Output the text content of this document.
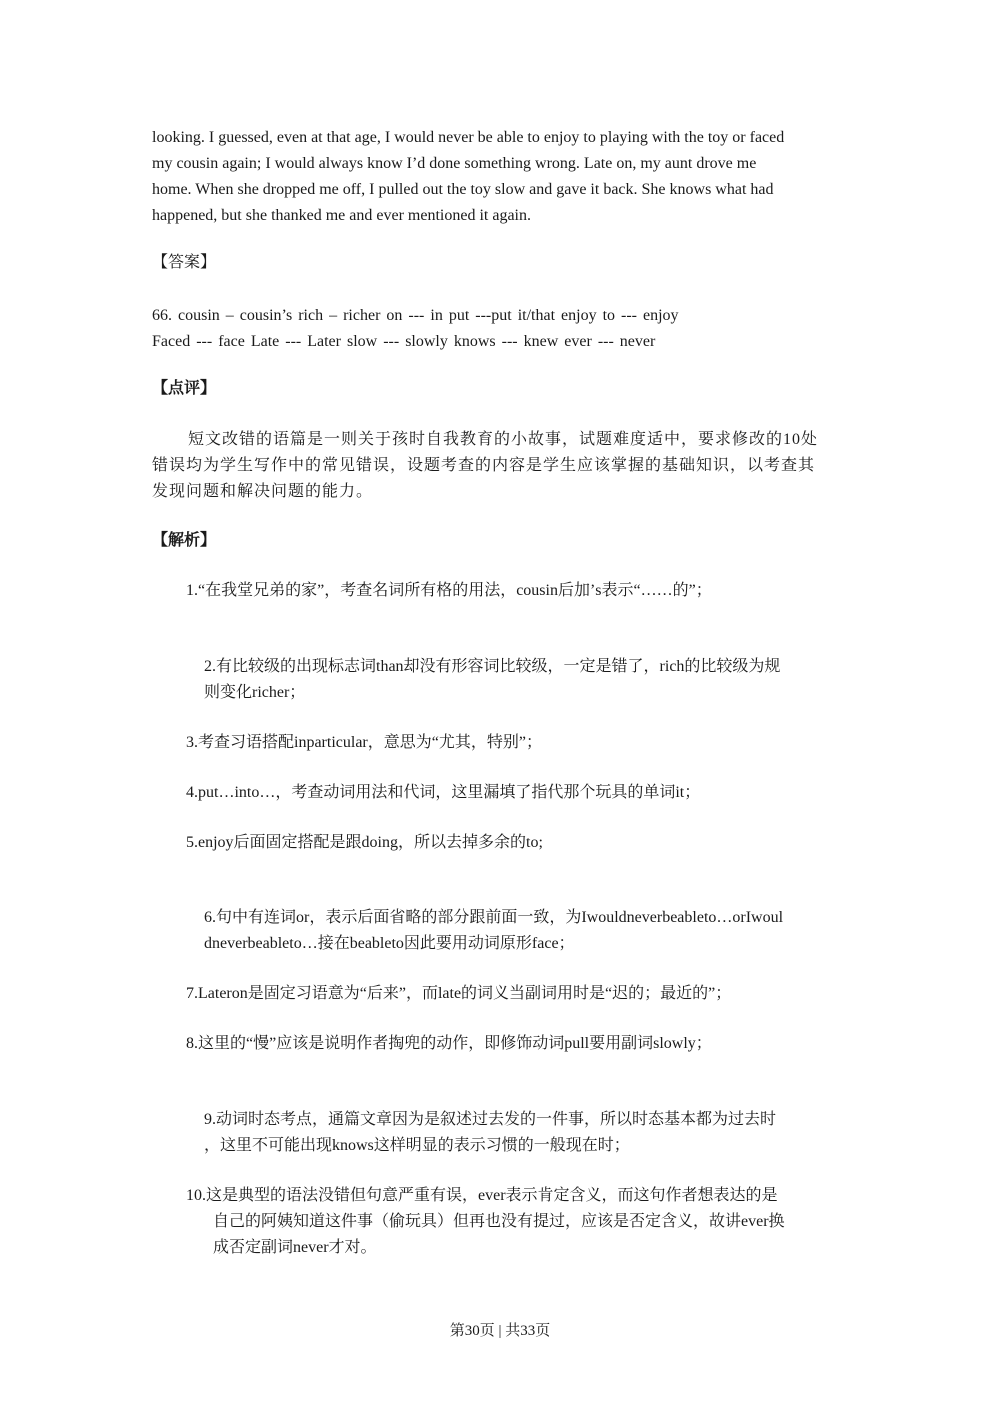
looking. I guessed, even at that age, I would never be able to enjoy to playing with the toy or faced
my cousin again; I would always know I’d done something wrong. Late on, my aunt drove me
home. When she dropped me off, I pulled out the toy slow and gave it back. She knows what had
happened, but she thanked me and ever mentioned it again.
【答案】
66. cousin – cousin’s rich – richer on --- in put ---put it/that enjoy to --- enjoy
Faced --- face Late --- Later slow --- slowly knows --- knew ever --- never
【点评】
短文改错的语篇是一则关于孩时自我教育的小故事，试题难度适中，要求修改的10处
错误均为学生写作中的常见错误，设题考查的内容是学生应该掌握的基础知识，以考查其
发现问题和解决问题的能力。
【解析】
1.“在我堂兄弟的家”，考查名词所有格的用法，cousin后加’s表示“……的”；
2.有比较级的出现标志词than却没有形容词比较级，一定是错了，rich的比较级为规
则变化richer；
3.考查习语搭配inparticular，意思为“尤其，特别”；
4.put…into…，考查动词用法和代词，这里漏填了指代那个玩具的单词it；
5.enjoy后面固定搭配是跟doing，所以去掉多余的to;
6.句中有连词or，表示后面省略的部分跟前面一致，为Iwouldneverbeableto…orIwoul
dneverbeableto…接在beableto因此要用动词原形face；
7.Lateron是固定习语意为“后来”，而late的词义当副词用时是“迟的；最近的”；
8.这里的“慢”应该是说明作者掏兜的动作，即修饰动词pull要用副词slowly；
9.动词时态考点，通篇文章因为是叙述过去发的一件事，所以时态基本都为过去时
，这里不可能出现knows这样明显的表示习惯的一般现在时；
10.这是典型的语法没错但句意严重有误，ever表示肯定含义，而这句作者想表达的是
自己的阿姨知道这件事（偷玩具）但再也没有提过，应该是否定含义，故讲ever换
成否定副词never才对。
第30页 | 共33页
